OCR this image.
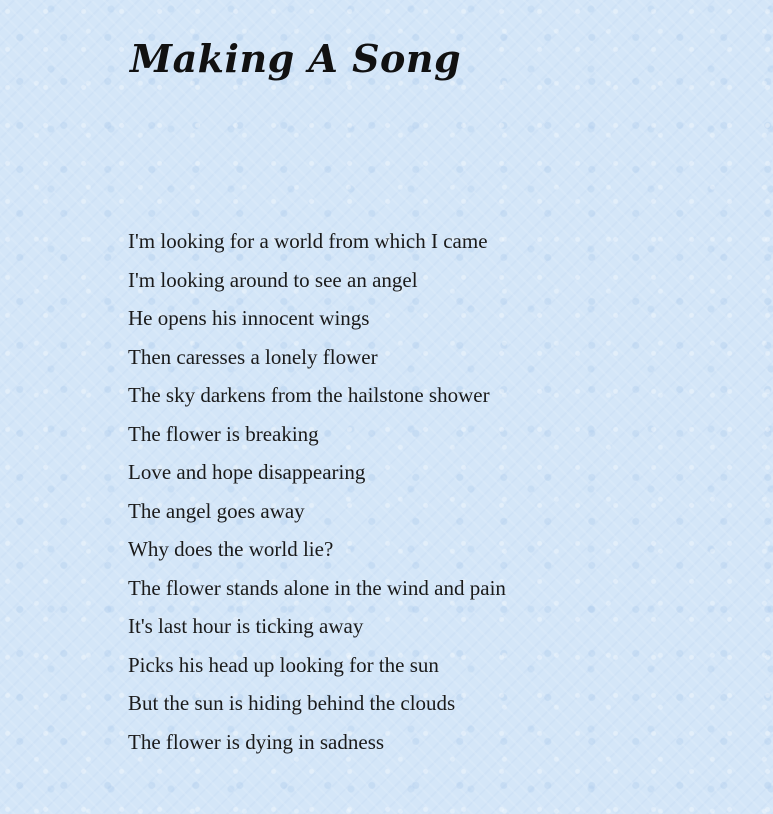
Making A Song
I'm looking for a world from which I came
I'm looking around to see an angel
He opens his innocent wings
Then caresses a lonely flower
The sky darkens from the hailstone shower
The flower is breaking
Love and hope disappearing
The angel goes away
Why does the world lie?
The flower stands alone in the wind and pain
It's last hour is ticking away
Picks his head up looking for the sun
But the sun is hiding behind the clouds
The flower is dying in sadness
